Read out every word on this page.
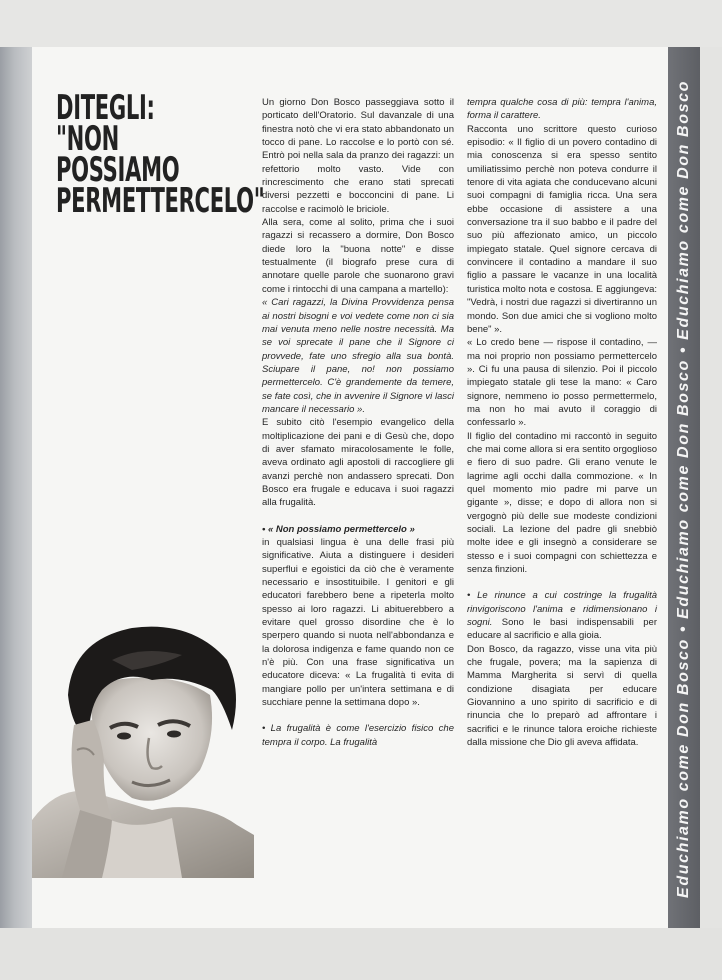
DITEGLI:
"NON
POSSIAMO
PERMETTERCELO"

Un giorno Don Bosco passeggiava sotto il porticato dell'Oratorio. Sul davanzale di una finestra notò che vi era stato abbandonato un tocco di pane. Lo raccolse e lo portò con sé. Entrò poi nella sala da pranzo dei ragazzi: un refettorio molto vasto. Vide con rincrescimento che erano stati sprecati diversi pezzetti e bocconcini di pane. Li raccolse e racimolò le briciole.

Alla sera, come al solito, prima che i suoi ragazzi si recassero a dormire, Don Bosco diede loro la "buona notte" e disse testualmente (il biografo prese cura di annotare quelle parole che suonarono gravi come i rintocchi di una campana a martello):

« Cari ragazzi, la Divina Provvidenza pensa ai nostri bisogni e voi vedete come non ci sia mai venuta meno nelle nostre necessità. Ma se voi sprecate il pane che il Signore ci provvede, fate uno sfregio alla sua bontà. Sciupare il pane, no! non possiamo permettercelo. C'è grandemente da temere, se fate così, che in avvenire il Signore vi lasci mancare il necessario ».

E subito citò l'esempio evangelico della moltiplicazione dei pani e di Gesù che, dopo di aver sfamato miracolosamente le folle, aveva ordinato agli apostoli di raccogliere gli avanzi perchè non andassero sprecati. Don Bosco era frugale e educava i suoi ragazzi alla frugalità.

• « Non possiamo permettercelo »

in qualsiasi lingua è una delle frasi più significative. Aiuta a distinguere i desideri superflui e egoistici da ciò che è veramente necessario e insostituibile. I genitori e gli educatori farebbero bene a ripeterla molto spesso ai loro ragazzi. Li abituerebbero a evitare quel grosso disordine che è lo sperpero quando si nuota nell'abbondanza e la dolorosa indigenza e fame quando non ce n'è più. Con una frase significativa un educatore diceva: « La frugalità ti evita di mangiare pollo per un'intera settimana e di succhiare penne la settimana dopo ».

• La frugalità è come l'esercizio fisico che tempra il corpo. La frugalità

tempra qualche cosa di più: tempra l'anima, forma il carattere.

Racconta uno scrittore questo curioso episodio: « Il figlio di un povero contadino di mia conoscenza si era spesso sentito umiliatissimo perchè non poteva condurre il tenore di vita agiata che conducevano alcuni suoi compagni di famiglia ricca. Una sera ebbe occasione di assistere a una conversazione tra il suo babbo e il padre del suo più affezionato amico, un piccolo impiegato statale. Quel signore cercava di convincere il contadino a mandare il suo figlio a passare le vacanze in una località turistica molto nota e costosa. E aggiungeva: "Vedrà, i nostri due ragazzi si divertiranno un mondo. Son due amici che si vogliono molto bene" ».

« Lo credo bene — rispose il contadino, — ma noi proprio non possiamo permettercelo ». Ci fu una pausa di silenzio. Poi il piccolo impiegato statale gli tese la mano: « Caro signore, nemmeno io posso permettermelo, ma non ho mai avuto il coraggio di confessarlo ».

Il figlio del contadino mi raccontò in seguito che mai come allora si era sentito orgoglioso e fiero di suo padre. Gli erano venute le lagrime agli occhi dalla commozione. « In quel momento mio padre mi parve un gigante », disse; e dopo di allora non si vergognò più delle sue modeste condizioni sociali. La lezione del padre gli snebbiò molte idee e gli insegnò a considerare se stesso e i suoi compagni con schiettezza e senza finzioni.

• Le rinunce a cui costringe la frugalità rinvigoriscono l'anima e ridimensionano i sogni. Sono le basi indispensabili per educare al sacrificio e alla gioia.

Don Bosco, da ragazzo, visse una vita più che frugale, povera; ma la sapienza di Mamma Margherita si servì di quella condizione disagiata per educare Giovannino a uno spirito di sacrificio e di rinuncia che lo preparò ad affrontare i sacrifici e le rinunce talora eroiche richieste dalla missione che Dio gli aveva affidata.	Educhiamo come Don Bosco • Educhiamo come Don Bosco • Educhiamo come Don Bosco
